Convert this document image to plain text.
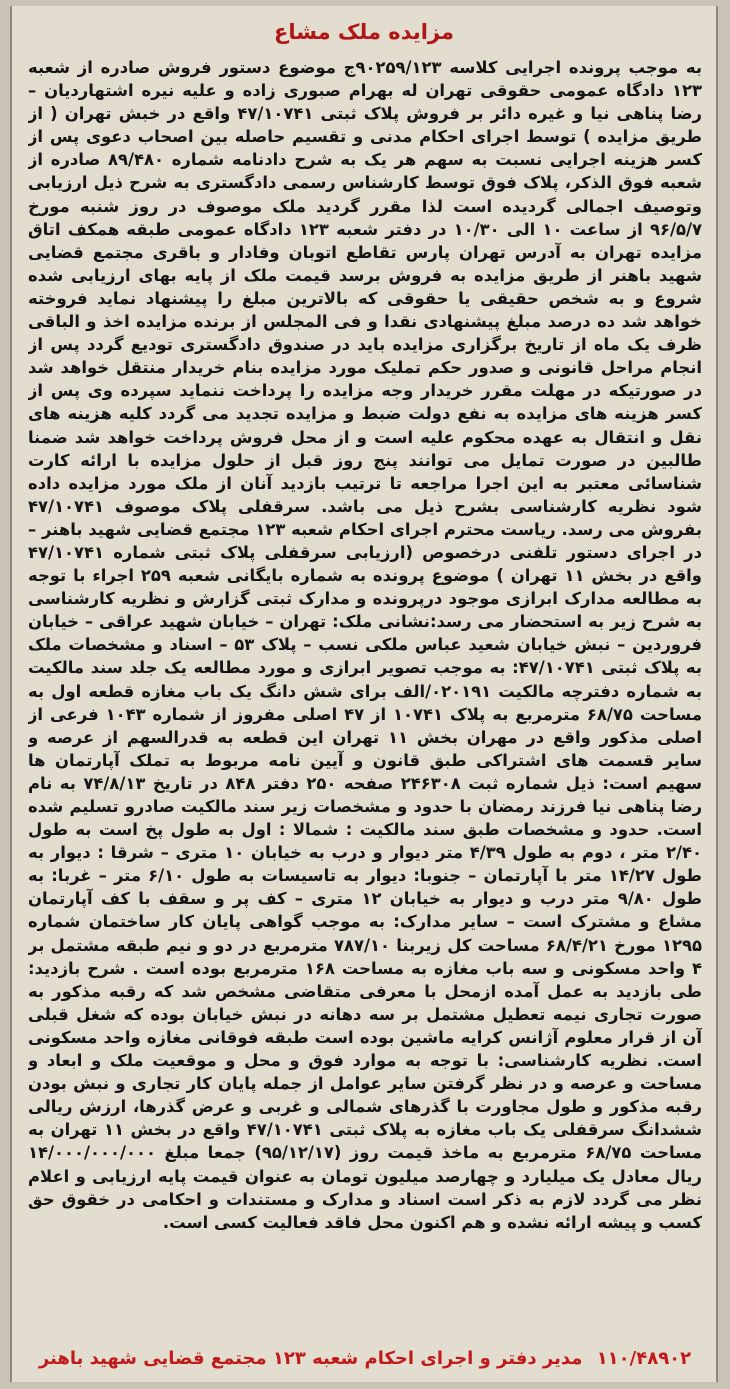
مزایده ملک مشاع
به موجب پرونده اجرایی کلاسه ۹۰۲۵۹/۱۲۳ج موضوع دستور فروش صادره از شعبه ۱۲۳ دادگاه عمومی حقوقی تهران له بهرام صبوری زاده و علیه نیره اشتهاردیان – رضا پناهی نیا و غیره دائر بر فروش پلاک ثبتی ۴۷/۱۰۷۴۱ واقع در خبش تهران ( از طریق مزایده ) توسط اجرای احکام مدنی و تقسیم حاصله بین اصحاب دعوی پس از کسر هزینه اجرایی نسبت به سهم هر یک به شرح دادنامه شماره ۸۹/۴۸۰ صادره از شعبه فوق الذکر، پلاک فوق توسط کارشناس رسمی دادگستری به شرح ذیل ارزیابی وتوصیف اجمالی گردیده است لذا مقرر گردید ملک موصوف در روز شنبه مورخ ۹۶/۵/۷ از ساعت ۱۰ الی ۱۰/۳۰ در دفتر شعبه ۱۲۳ دادگاه عمومی طبقه همکف اتاق مزایده تهران به آدرس تهران پارس تقاطع اتوبان وفادار و باقری مجتمع قضایی شهید باهنر از طریق مزایده به فروش برسد قیمت ملک از پایه بهای ارزیابی شده شروع و به شخص حقیقی یا حقوقی که بالاترین مبلغ را پیشنهاد نماید فروخته خواهد شد ده درصد مبلغ پیشنهادی نقدا و فی المجلس از برنده مزایده اخذ و الباقی ظرف یک ماه از تاریخ برگزاری مزایده باید در صندوق دادگستری تودیع گردد پس از انجام مراحل قانونی و صدور حکم تملیک مورد مزایده بنام خریدار منتقل خواهد شد در صورتیکه در مهلت مقرر خریدار وجه مزایده را پرداخت ننماید سپرده وی پس از کسر هزینه های مزایده به نفع دولت ضبط و مزایده تجدید می گردد کلیه هزینه های نقل و انتقال به عهده محکوم علیه است و از محل فروش پرداخت خواهد شد ضمنا طالبین در صورت تمایل می توانند پنج روز قبل از حلول مزایده با ارائه کارت شناسائی معتبر به این اجرا مراجعه تا ترتیب بازدید آنان از ملک مورد مزایده داده شود نظریه کارشناسی بشرح ذیل می باشد. سرقفلی پلاک موصوف ۴۷/۱۰۷۴۱ بفروش می رسد. ریاست محترم اجرای احکام شعبه ۱۲۳ مجتمع قضایی شهید باهنر – در اجرای دستور تلفنی درخصوص (ارزیابی سرقفلی پلاک ثبتی شماره ۴۷/۱۰۷۴۱ واقع در بخش ۱۱ تهران ) موضوع پرونده به شماره بایگانی شعبه ۲۵۹ اجراء با توجه به مطالعه مدارک ابرازی موجود درپرونده و مدارک ثبتی گزارش و نظریه کارشناسی به شرح زیر به استحضار می رسد:نشانی ملک: تهران – خیابان شهید عراقی – خیابان فروردین – نبش خیابان شعید عباس ملکی نسب – پلاک ۵۳ – اسناد و مشخصات ملک به پلاک ثبتی ۴۷/۱۰۷۴۱: به موجب تصویر ابرازی و مورد مطالعه یک جلد سند مالکیت به شماره دفترچه مالکیت ۰۲۰۱۹۱/الف برای شش دانگ یک باب مغازه قطعه اول به مساحت ۶۸/۷۵ مترمربع به پلاک ۱۰۷۴۱ از ۴۷ اصلی مفروز از شماره ۱۰۴۳ فرعی از اصلی مذکور واقع در مهران بخش ۱۱ تهران این قطعه به قدرالسهم از عرصه و سایر قسمت های اشتراکی طبق قانون و آیین نامه مربوط به تملک آپارتمان ها سهیم است: ذیل شماره ثبت ۲۴۶۳۰۸ صفحه ۲۵۰ دفتر ۸۴۸ در تاریخ ۷۴/۸/۱۳ به نام رضا پناهی نیا فرزند رمضان با حدود و مشخصات زیر سند مالکیت صادرو تسلیم شده است. حدود و مشخصات طبق سند مالکیت : شمالا : اول به طول پخ است به طول ۲/۴۰ متر ، دوم به طول ۴/۳۹ متر دیوار و درب به خیابان ۱۰ متری – شرقا : دیوار به طول ۱۴/۲۷ متر با آپارتمان – جنوبا: دیوار به تاسیسات به طول ۶/۱۰ متر – غربا: به طول ۹/۸۰ متر درب و دیوار به خیابان ۱۲ متری – کف پر و سقف با کف آپارتمان مشاع و مشترک است – سایر مدارک: به موجب گواهی پایان کار ساختمان شماره ۱۲۹۵ مورخ ۶۸/۴/۲۱ مساحت کل زیربنا ۷۸۷/۱۰ مترمربع در دو و نیم طبقه مشتمل بر ۴ واحد مسکونی و سه باب مغازه به مساحت ۱۶۸ مترمربع بوده است . شرح بازدید: طی بازدید به عمل آمده ازمحل با معرفی متقاضی مشخص شد که رقبه مذکور به صورت تجاری نیمه تعطیل مشتمل بر سه دهانه در نبش خیابان بوده که شغل قبلی آن از قرار معلوم آژانس کرایه ماشین بوده است طبقه فوقانی مغازه واحد مسکونی است. نظریه کارشناسی: با توجه به موارد فوق و محل و موقعیت ملک و ابعاد و مساحت و عرصه و در نظر گرفتن سایر عوامل از جمله پایان کار تجاری و نبش بودن رقبه مذکور و طول مجاورت با گذرهای شمالی و غربی و عرض گذرها، ارزش ریالی ششدانگ سرقفلی یک باب مغازه به پلاک ثبتی ۴۷/۱۰۷۴۱ واقع در بخش ۱۱ تهران به مساحت ۶۸/۷۵ مترمربع به ماخذ قیمت روز (۹۵/۱۲/۱۷) جمعا مبلغ ۱۴/۰۰۰/۰۰۰/۰۰۰ ریال معادل یک میلیارد و چهارصد میلیون تومان به عنوان قیمت پایه ارزیابی و اعلام نظر می گردد لازم به ذکر است اسناد و مدارک و مستندات و احکامی در خقوق حق کسب و پیشه ارائه نشده و هم اکنون محل فاقد فعالیت کسی است.
۱۱۰/۴۸۹۰۲ مدیر دفتر و اجرای احکام شعبه ۱۲۳ مجتمع قضایی شهید باهنر
